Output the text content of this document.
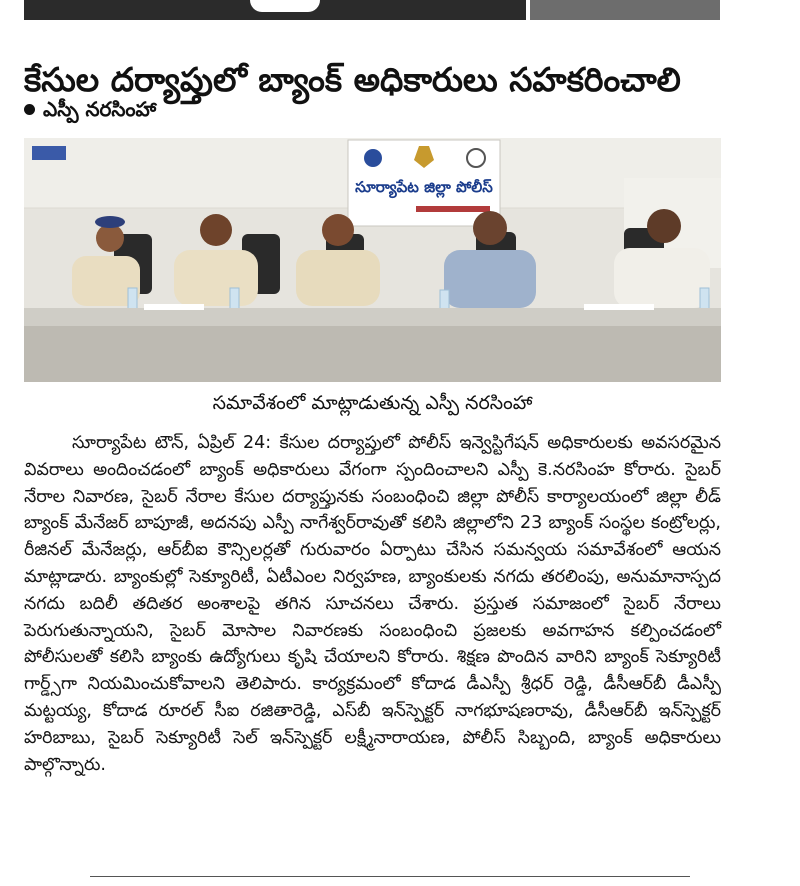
కేసుల దర్యాప్తులో బ్యాంక్ అధికారులు సహకరించాలి
ఎస్పీ నరసింహా
సూర్యాపేట జిల్లా పోలీస్
సమావేశంలో మాట్లాడుతున్న ఎస్పీ నరసింహా

సూర్యాపేట టౌన్, ఏప్రిల్ 24: కేసుల దర్యాప్తులో పోలీస్ ఇన్వెస్టిగేషన్ అధికారులకు అవసరమైన వివరాలు అందించడంలో బ్యాంక్ అధికారులు వేగంగా స్పందించాలని ఎస్పీ కె.నరసింహ కోరారు. సైబర్ నేరాల నివారణ, సైబర్ నేరాల కేసుల దర్యాప్తునకు సంబంధించి జిల్లా పోలీస్ కార్యాలయంలో జిల్లా లీడ్ బ్యాంక్ మేనేజర్ బాపూజీ, అదనపు ఎస్పీ నాగేశ్వర్‌రావుతో కలిసి జిల్లాలోని 23 బ్యాంక్ సంస్థల కంట్రోలర్లు, రీజినల్ మేనేజర్లు, ఆర్‌బీఐ కౌన్సిలర్లతో గురువారం ఏర్పాటు చేసిన సమన్వయ సమావేశంలో ఆయన మాట్లాడారు. బ్యాంకుల్లో సెక్యూరిటీ, ఏటీఎంల నిర్వహణ, బ్యాంకులకు నగదు తరలింపు, అనుమానాస్పద నగదు బదిలీ తదితర అంశాలపై తగిన సూచనలు చేశారు. ప్రస్తుత సమాజంలో సైబర్ నేరాలు పెరుగుతున్నాయని, సైబర్ మోసాల నివారణకు సంబంధించి ప్రజలకు అవగాహన కల్పించడంలో పోలీసులతో కలిసి బ్యాంకు ఉద్యోగులు కృషి చేయాలని కోరారు. శిక్షణ పొందిన వారిని బ్యాంక్ సెక్యూరిటీ గార్డ్స్‌గా నియమించుకోవాలని తెలిపారు. కార్యక్రమంలో కోదాడ డీఎస్పీ శ్రీధర్ రెడ్డి, డీసీఆర్‌బీ డీఎస్పీ మట్టయ్య, కోదాడ రూరల్ సీఐ రజితారెడ్డి, ఎస్‌బీ ఇన్‌స్పెక్టర్ నాగభూషణరావు, డీసీఆర్‌బీ ఇన్‌స్పెక్టర్ హరిబాబు, సైబర్ సెక్యూరిటీ సెల్ ఇన్‌స్పెక్టర్ లక్ష్మీనారాయణ, పోలీస్ సిబ్బంది, బ్యాంక్ అధికారులు పాల్గొన్నారు.
